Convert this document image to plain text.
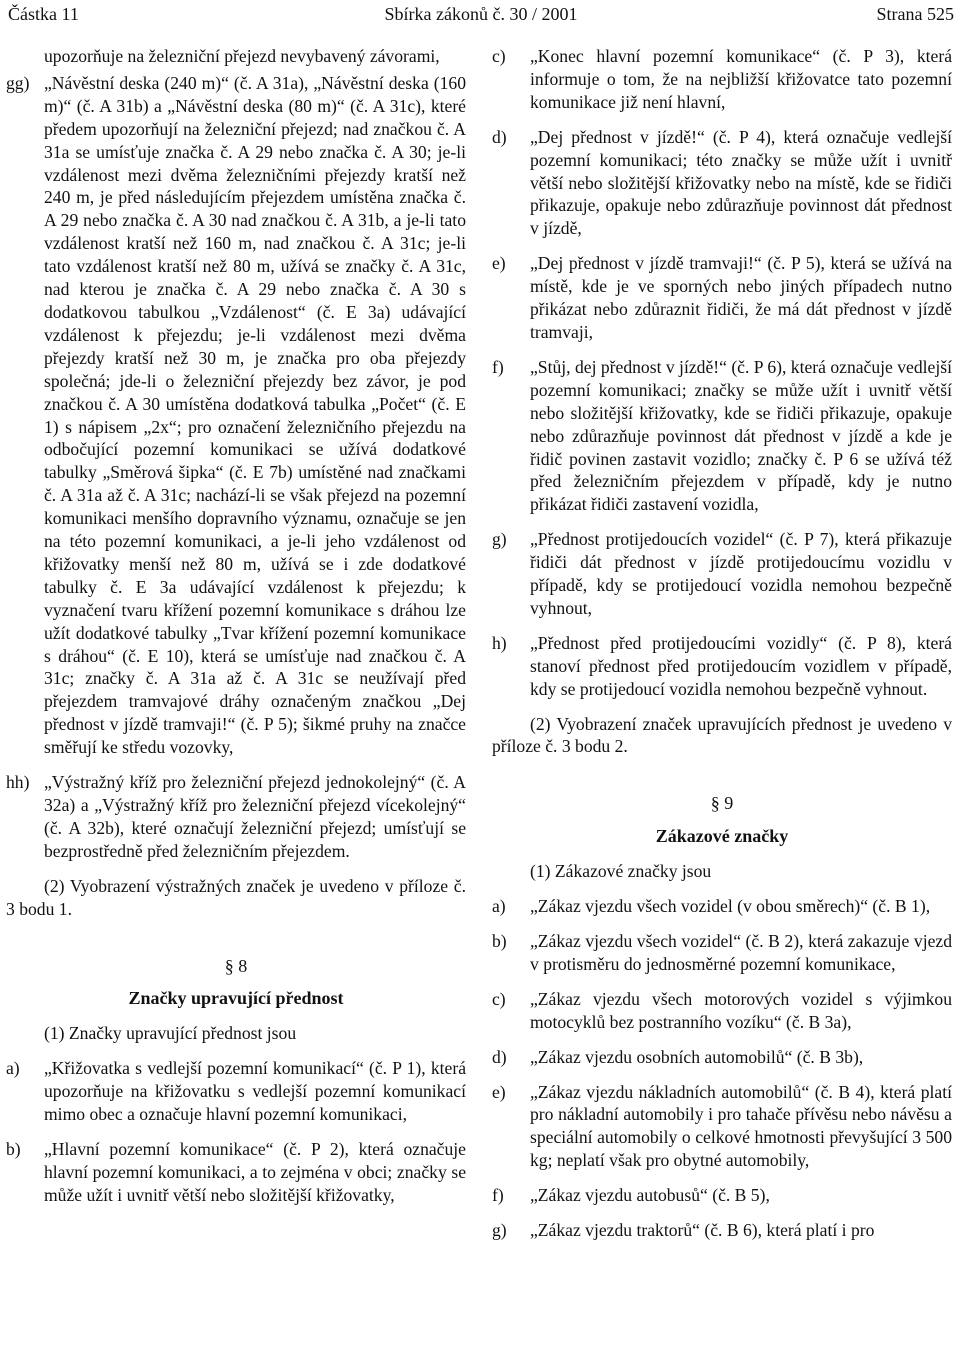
Částka 11	Sbírka zákonů č. 30 / 2001	Strana 525
upozorňuje na železniční přejezd nevybavený závorami,
gg) „Návěstní deska (240 m)“ (č. A 31a), „Návěstní deska (160 m)“ (č. A 31b) a „Návěstní deska (80 m)“ (č. A 31c), které předem upozorňují na železniční přejezd; nad značkou č. A 31a se umísťuje značka č. A 29 nebo značka č. A 30; je-li vzdálenost mezi dvěma železničními přejezdy kratší než 240 m, je před následujícím přejezdem umístěna značka č. A 29 nebo značka č. A 30 nad značkou č. A 31b, a je-li tato vzdálenost kratší než 160 m, nad značkou č. A 31c; je-li tato vzdálenost kratší než 80 m, užívá se značky č. A 31c, nad kterou je značka č. A 29 nebo značka č. A 30 s dodatkovou tabulkou „Vzdálenost“ (č. E 3a) udávající vzdálenost k přejezdu; je-li vzdálenost mezi dvěma přejezdy kratší než 30 m, je značka pro oba přejezdy společná; jde-li o železniční přejezdy bez závor, je pod značkou č. A 30 umístěna dodatková tabulka „Počet“ (č. E 1) s nápisem „2x“; pro označení železničního přejezdu na odbočující pozemní komunikaci se užívá dodatkové tabulky „Směrová šipka“ (č. E 7b) umístěné nad značkami č. A 31a až č. A 31c; nachází-li se však přejezd na pozemní komunikaci menšího dopravního významu, označuje se jen na této pozemní komunikaci, a je-li jeho vzdálenost od křižovatky menší než 80 m, užívá se i zde dodatkové tabulky č. E 3a udávající vzdálenost k přejezdu; k vyznačení tvaru křížení pozemní komunikace s dráhou lze užít dodatkové tabulky „Tvar křížení pozemní komunikace s dráhou“ (č. E 10), která se umísťuje nad značkou č. A 31c; značky č. A 31a až č. A 31c se neužívají před přejezdem tramvajové dráhy označeným značkou „Dej přednost v jízdě tramvaji!“ (č. P 5); šikmé pruhy na značce směřují ke středu vozovky,
hh) „Výstražný kříž pro železniční přejezd jednokolejný“ (č. A 32a) a „Výstražný kříž pro železniční přejezd vícekolejný“ (č. A 32b), které označují železniční přejezd; umísťují se bezprostředně před železničním přejezdem.
(2) Vyobrazení výstražných značek je uvedeno v příloze č. 3 bodu 1.
§ 8
Značky upravující přednost
(1) Značky upravující přednost jsou
a)	„Křižovatka s vedlejší pozemní komunikací“ (č. P 1), která upozorňuje na křižovatku s vedlejší pozemní komunikací mimo obec a označuje hlavní pozemní komunikaci,
b)	„Hlavní pozemní komunikace“ (č. P 2), která označuje hlavní pozemní komunikaci, a to zejména v obci; značky se může užít i uvnitř větší nebo složitější křižovatky,
c)	„Konec hlavní pozemní komunikace“ (č. P 3), která informuje o tom, že na nejbližší křižovatce tato pozemní komunikace již není hlavní,
d)	„Dej přednost v jízdě!“ (č. P 4), která označuje vedlejší pozemní komunikaci; této značky se může užít i uvnitř větší nebo složitější křižovatky nebo na místě, kde se řidiči přikazuje, opakuje nebo zdůrazňuje povinnost dát přednost v jízdě,
e)	„Dej přednost v jízdě tramvaji!“ (č. P 5), která se užívá na místě, kde je ve sporných nebo jiných případech nutno přikázat nebo zdůraznit řidiči, že má dát přednost v jízdě tramvaji,
f)	„Stůj, dej přednost v jízdě!“ (č. P 6), která označuje vedlejší pozemní komunikaci; značky se může užít i uvnitř větší nebo složitější křižovatky, kde se řidiči přikazuje, opakuje nebo zdůrazňuje povinnost dát přednost v jízdě a kde je řidič povinen zastavit vozidlo; značky č. P 6 se užívá též před železničním přejezdem v případě, kdy je nutno přikázat řidiči zastavení vozidla,
g)	„Přednost protijedoucích vozidel“ (č. P 7), která přikazuje řidiči dát přednost v jízdě protijedoucímu vozidlu v případě, kdy se protijedoucí vozidla nemohou bezpečně vyhnout,
h)	„Přednost před protijedoucími vozidly“ (č. P 8), která stanoví přednost před protijedoucím vozidlem v případě, kdy se protijedoucí vozidla nemohou bezpečně vyhnout.
(2) Vyobrazení značek upravujících přednost je uvedeno v příloze č. 3 bodu 2.
§ 9
Zákazové značky
(1) Zákazové značky jsou
a)	„Zákaz vjezdu všech vozidel (v obou směrech)“ (č. B 1),
b)	„Zákaz vjezdu všech vozidel“ (č. B 2), která zakazuje vjezd v protisměru do jednosměrné pozemní komunikace,
c)	„Zákaz vjezdu všech motorových vozidel s výjimkou motocyklů bez postranního vozíku“ (č. B 3a),
d)	„Zákaz vjezdu osobních automobilů“ (č. B 3b),
e)	„Zákaz vjezdu nákladních automobilů“ (č. B 4), která platí pro nákladní automobily i pro tahače přívěsu nebo návěsu a speciální automobily o celkové hmotnosti převyšující 3 500 kg; neplatí však pro obytné automobily,
f)	„Zákaz vjezdu autobusů“ (č. B 5),
g)	„Zákaz vjezdu traktorů“ (č. B 6), která platí i pro
